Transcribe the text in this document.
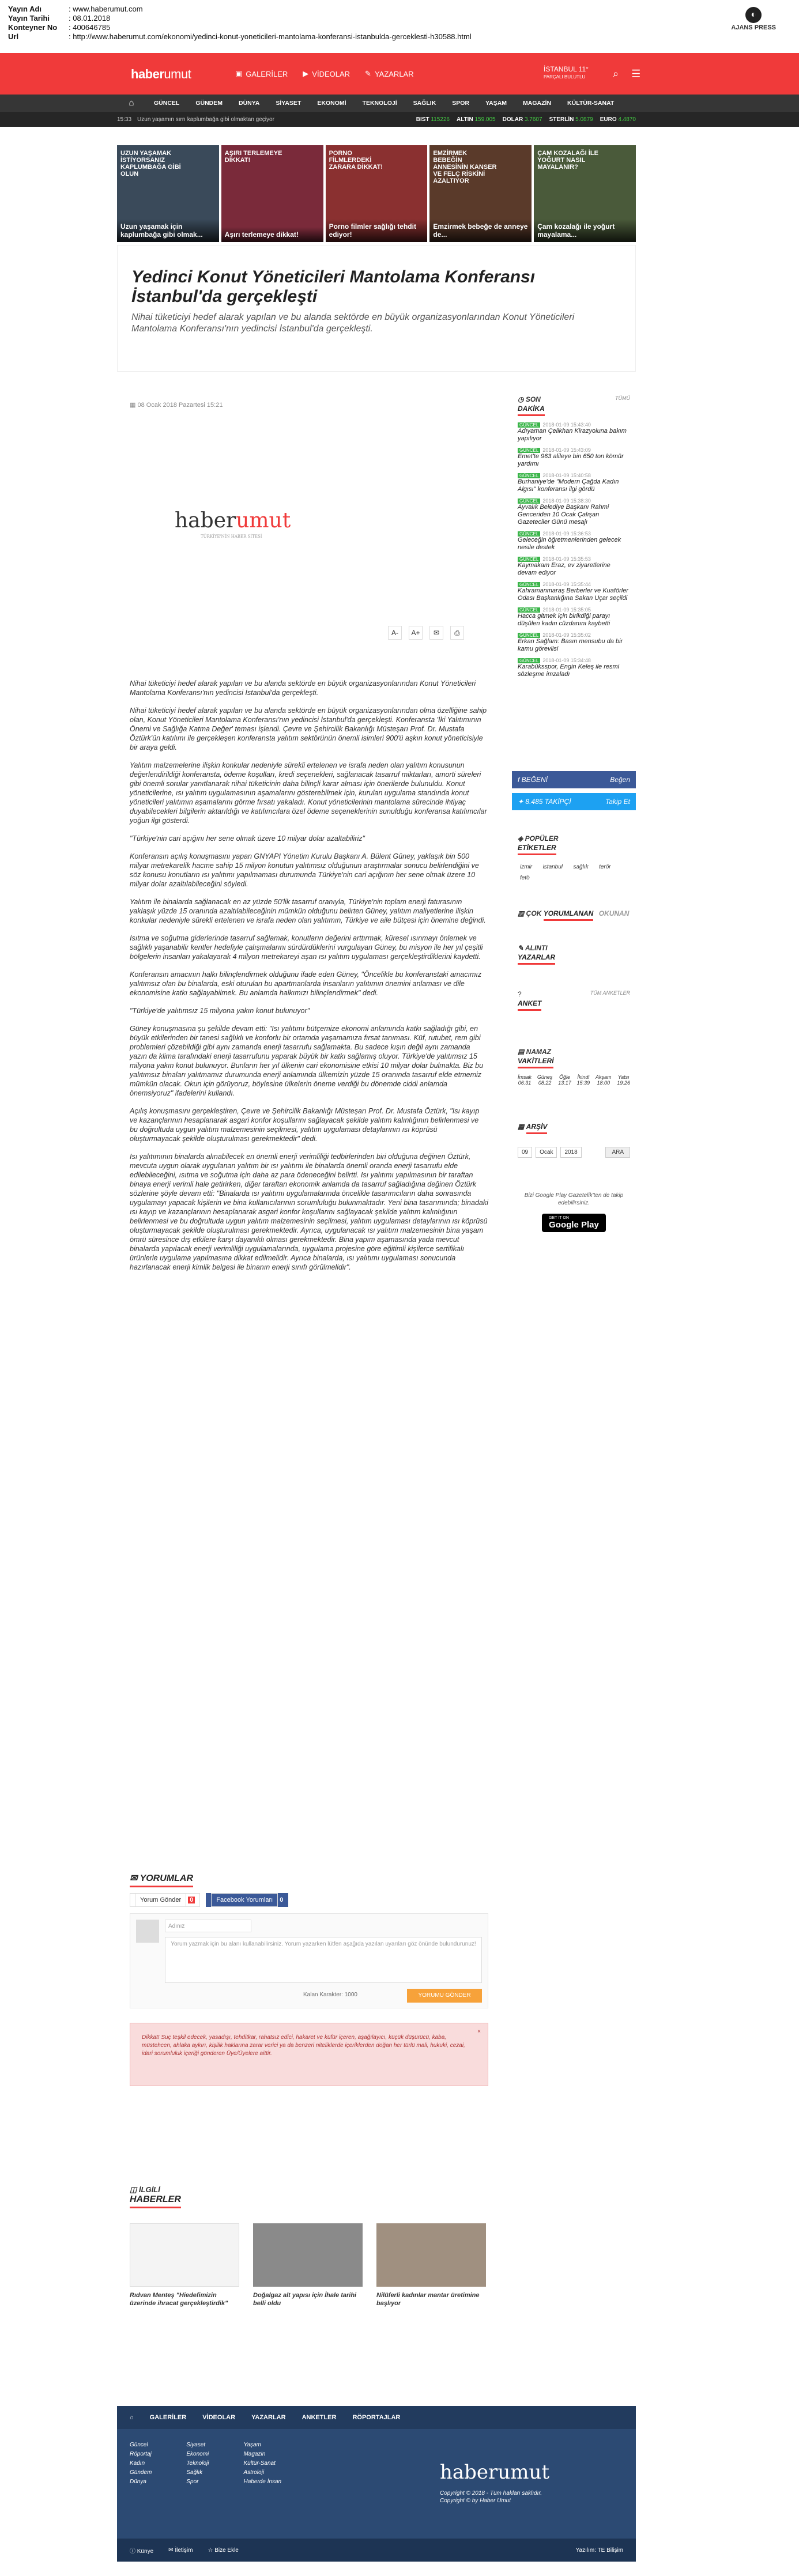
Yayın Adı	: www.haberumut.com
Yayın Tarihi	: 08.01.2018
Konteyner No	: 400646785
Url	: http://www.haberumut.com/ekonomi/yedinci-konut-yoneticileri-mantolama-konferansi-istanbulda-gerceklesti-h30588.html
◐
AJANS PRESS
haberumut	▣ GALERİLER ▶ VİDEOLAR ✎ YAZARLAR
İSTANBUL 11°
PARÇALI BULUTLU	⌕ ☰
⌂	GÜNCEL	GÜNDEM	DÜNYA	SİYASET	EKONOMİ	TEKNOLOJİ	SAĞLIK	SPOR	YAŞAM	MAGAZİN	KÜLTÜR-SANAT
15:33 Uzun yaşamın sırrı kaplumbağa gibi olmaktan geçiyor	BIST 115226 ALTIN 159.005 DOLAR 3.7607 STERLİN 5.0879 EURO 4.4870
UZUN YAŞAMAK İSTİYORSANIZ KAPLUMBAĞA GİBİ OLUN
Uzun yaşamak için kaplumbağa gibi olmak...
AŞIRI TERLEMEYE DİKKAT!
Aşırı terlemeye dikkat!
PORNO FİLMLERDEKİ ZARARA DİKKAT!
Porno filmler sağlığı tehdit ediyor!
EMZİRMEK BEBEĞİN ANNESİNİN KANSER VE FELÇ RİSKİNİ AZALTIYOR
Emzirmek bebeğe de anneye de...
ÇAM KOZALAĞI İLE YOĞURT NASIL MAYALANIR?
Çam kozalağı ile yoğurt mayalama...
Yedinci Konut Yöneticileri Mantolama Konferansı İstanbul'da gerçekleşti

Nihai tüketiciyi hedef alarak yapılan ve bu alanda sektörde en büyük organizasyonlarından Konut Yöneticileri Mantolama Konferansı'nın yedincisi İstanbul'da gerçekleşti.

▦ 08 Ocak 2018 Pazartesi 15:21
haberumut
TÜRKİYE'NİN HABER SİTESİ
A-	A+	✉	⎙

Nihai tüketiciyi hedef alarak yapılan ve bu alanda sektörde en büyük organizasyonlarından Konut Yöneticileri Mantolama Konferansı'nın yedincisi İstanbul'da gerçekleşti.

Nihai tüketiciyi hedef alarak yapılan ve bu alanda sektörde en büyük organizasyonlarından olma özelliğine sahip olan, Konut Yöneticileri Mantolama Konferansı'nın yedincisi İstanbul'da gerçekleşti. Konferansta 'İki Yalıtımının Önemi ve Sağlığa Katma Değer' teması işlendi. Çevre ve Şehircilik Bakanlığı Müsteşarı Prof. Dr. Mustafa Öztürk'ün katılımı ile gerçekleşen konferansta yalıtım sektörünün önemli isimleri 900'ü aşkın konut yöneticisiyle bir araya geldi.

Yalıtım malzemelerine ilişkin konkular nedeniyle sürekli ertelenen ve israfa neden olan yalıtım konusunun değerlendirildiği konferansta, ödeme koşulları, kredi seçenekleri, sağlanacak tasarruf miktarları, amorti süreleri gibi önemli sorular yanıtlanarak nihai tüketicinin daha bilinçli karar alması için önerilerde bulunuldu. Konut yöneticilerine, ısı yalıtım uygulamasının aşamalarını gösterebilmek için, kurulan uygulama standında konut yöneticileri yalıtımın aşamalarını görme fırsatı yakaladı. Konut yöneticilerinin mantolama sürecinde ihtiyaç duyabilecekleri bilgilerin aktarıldığı ve katılımcılara özel ödeme seçeneklerinin sunulduğu konferansa katılımcılar yoğun ilgi gösterdi.

"Türkiye'nin cari açığını her sene olmak üzere 10 milyar dolar azaltabiliriz"

Konferansın açılış konuşmasını yapan GNYAPI Yönetim Kurulu Başkanı A. Bülent Güney, yaklaşık bin 500 milyar metrekarelik hacme sahip 15 milyon konutun yalıtımsız olduğunun araştırmalar sonucu belirlendiğini ve söz konusu konutların ısı yalıtımı yapılmaması durumunda Türkiye'nin cari açığının her sene olmak üzere 10 milyar dolar azaltılabileceğini söyledi.

Yalıtım ile binalarda sağlanacak en az yüzde 50'lik tasarruf oranıyla, Türkiye'nin toplam enerji faturasının yaklaşık yüzde 15 oranında azaltılabileceğinin mümkün olduğunu belirten Güney, yalıtım maliyetlerine ilişkin konkular nedeniyle sürekli ertelenen ve israfa neden olan yalıtımın, Türkiye ve aile bütçesi için önemine değindi.

Isıtma ve soğutma giderlerinde tasarruf sağlamak, konutların değerini arttırmak, küresel ısınmayı önlemek ve sağlıklı yaşanabilir kentler hedefiyle çalışmalarını sürdürdüklerini vurgulayan Güney, bu misyon ile her yıl çeşitli bölgelerin insanları yakalayarak 4 milyon metrekareyi aşan ısı yalıtım uygulaması gerçekleştirdiklerini kaydetti.

Konferansın amacının halkı bilinçlendirmek olduğunu ifade eden Güney, "Öncelikle bu konferanstaki amacımız yalıtımsız olan bu binalarda, eski oturulan bu apartmanlarda insanların yalıtımın önemini anlaması ve dile ekonomisine katkı sağlayabilmek. Bu anlamda halkımızı bilinçlendirmek" dedi.

"Türkiye'de yalıtımsız 15 milyona yakın konut bulunuyor"

Güney konuşmasına şu şekilde devam etti: "Isı yalıtımı bütçemize ekonomi anlamında katkı sağladığı gibi, en büyük etkilerinden bir tanesi sağlıklı ve konforlu bir ortamda yaşamamıza fırsat tanıması. Küf, rutubet, rem gibi problemleri çözebildiği gibi aynı zamanda enerji tasarrufu sağlamakta. Bu sadece kışın değil aynı zamanda yazın da klima tarafındaki enerji tasarrufunu yaparak büyük bir katkı sağlamış oluyor. Türkiye'de yalıtımsız 15 milyona yakın konut bulunuyor. Bunların her yıl ülkenin cari ekonomisine etkisi 10 milyar dolar bulmakta. Biz bu yalıtımsız binaları yalıtmamız durumunda enerji anlamında ülkemizin yüzde 15 oranında tasarruf elde etmemiz mümkün olacak. Okun için görüyoruz, böylesine ülkelerin öneme verdiği bu dönemde ciddi anlamda önemsiyoruz" ifadelerini kullandı.

Açılış konuşmasını gerçekleştiren, Çevre ve Şehircilik Bakanlığı Müsteşarı Prof. Dr. Mustafa Öztürk, "Isı kayıp ve kazançlarının hesaplanarak asgari konfor koşullarını sağlayacak şekilde yalıtım kalınlığının belirlenmesi ve bu doğrultuda uygun yalıtım malzemesinin seçilmesi, yalıtım uygulaması detaylarının ısı köprüsü oluşturmayacak şekilde oluşturulması gerekmektedir" dedi.

Isı yalıtımının binalarda alınabilecek en önemli enerji verimliliği tedbirlerinden biri olduğuna değinen Öztürk, mevcuta uygun olarak uygulanan yalıtım bir ısı yalıtımı ile binalarda önemli oranda enerji tasarrufu elde edilebileceğini, ısıtma ve soğutma için daha az para ödeneceğini belirtti. Isı yalıtımı yapılmasının bir taraftan binaya enerji verimli hale getirirken, diğer taraftan ekonomik anlamda da tasarruf sağladığına değinen Öztürk sözlerine şöyle devam etti: "Binalarda ısı yalıtımı uygulamalarında öncelikle tasarımcıların daha sonrasında uygulamayı yapacak kişilerin ve bina kullanıcılarının sorumluluğu bulunmaktadır. Yeni bina tasarımında; binadaki ısı kayıp ve kazançlarının hesaplanarak asgari konfor koşullarını sağlayacak şekilde yalıtım kalınlığının belirlenmesi ve bu doğrultuda uygun yalıtım malzemesinin seçilmesi, yalıtım uygulaması detaylarının ısı köprüsü oluşturmayacak şekilde oluşturulması gerekmektedir. Ayrıca, uygulanacak ısı yalıtım malzemesinin bina yaşam ömrü süresince dış etkilere karşı dayanıklı olması gerekmektedir. Bina yapım aşamasında yada mevcut binalarda yapılacak enerji verimliliği uygulamalarında, uygulama projesine göre eğitimli kişilerce sertifikalı ürünlerle uygulama yapılmasına dikkat edilmelidir. Ayrıca binalarda, ısı yalıtımı uygulaması sonucunda hazırlanacak enerji kimlik belgesi ile binanın enerji sınıfı görülmelidir".

✉ YORUMLAR
Yorum Gönder 0	Facebook Yorumları 0
Adınız
Yorum yazmak için bu alanı kullanabilirsiniz. Yorum yazarken lütfen aşağıda yazılan uyarıları göz önünde bulundurunuz!
Kalan Karakter: 1000	YORUMU GÖNDER
Dikkat! Suç teşkil edecek, yasadışı, tehditkar, rahatsız edici, hakaret ve küfür içeren, aşağılayıcı, küçük düşürücü, kaba, müstehcen, ahlaka aykırı, kişilik haklarına zarar verici ya da benzeri niteliklerde içeriklerden doğan her türlü mali, hukuki, cezai, idari sorumluluk içeriği gönderen Üye/Üyelere aittir.
×
◫ İLGİLİ
HABERLER
Rıdvan Menteş "Hiedefimizin üzerinde ihracat gerçekleştirdik"
Doğalgaz alt yapısı için İhale tarihi belli oldu
Nilüferli kadınlar mantar üretimine başlıyor
◷ SON	TÜMÜ
DAKİKA
GÜNCEL 2018-01-09 15:43:40
Adıyaman Çelikhan Kirazyoluna bakım yapılıyor
GÜNCEL 2018-01-09 15:43:09
Emet'te 963 alileye bin 650 ton kömür yardımı
GÜNCEL 2018-01-09 15:40:58
Burhaniye'de "Modern Çağda Kadın Algısı" konferansı ilgi gördü
GÜNCEL 2018-01-09 15:38:30
Ayvalık Belediye Başkanı Rahmi Genceriden 10 Ocak Çalışan Gazeteciler Günü mesajı
GÜNCEL 2018-01-09 15:36:53
Geleceğin öğretmenlerinden gelecek nesile destek
GÜNCEL 2018-01-09 15:35:53
Kaymakam Eraz, ev ziyaretlerine devam ediyor
GÜNCEL 2018-01-09 15:35:44
Kahramanmaraş Berberler ve Kuaförler Odası Başkanlığına Sakan Uçar seçildi
GÜNCEL 2018-01-09 15:35:05
Hacca gitmek için birikdiği parayı düşülen kadın cüzdanını kaybetti
GÜNCEL 2018-01-09 15:35:02
Erkan Sağlam: Basın mensubu da bir kamu görevlisi
GÜNCEL 2018-01-09 15:34:48
Karabüksspor, Engin Keleş ile resmi sözleşme imzaladı
f BEĞENİ	Beğen
✦ 8.485 TAKİPÇİ	Takip Et
◈ POPÜLER
ETİKETLER
izmir istanbul sağlık terör fetö
▥ ÇOK YORUMLANAN OKUNAN
✎ ALINTI
YAZARLAR
?	TÜM ANKETLER
ANKET
▤ NAMAZ
VAKİTLERİ
İmsak
06:31
Güneş
08:22
Öğle
13:17
İkindi
15:39
Akşam
18:00
Yatsı
19:26
▦ ARŞİV
09	Ocak	2018	ARA
Bizi Google Play Gazetelik'ten de takip edebilirsiniz.
GET IT ON
Google Play
⌂	GALERİLER	VİDEOLAR	YAZARLAR	ANKETLER	RÖPORTAJLAR
Güncel
Röportaj
Kadın
Gündem
Dünya
Siyaset
Ekonomi
Teknoloji
Sağlık
Spor
Yaşam
Magazin
Kültür-Sanat
Astroloji
Haberde İnsan	haberumut
Copyright © 2018 - Tüm hakları saklıdır.
Copyright © by Haber Umut
ⓘ Künye	✉ İletişim	☆ Bize Ekle	Yazılım: TE Bilişim
